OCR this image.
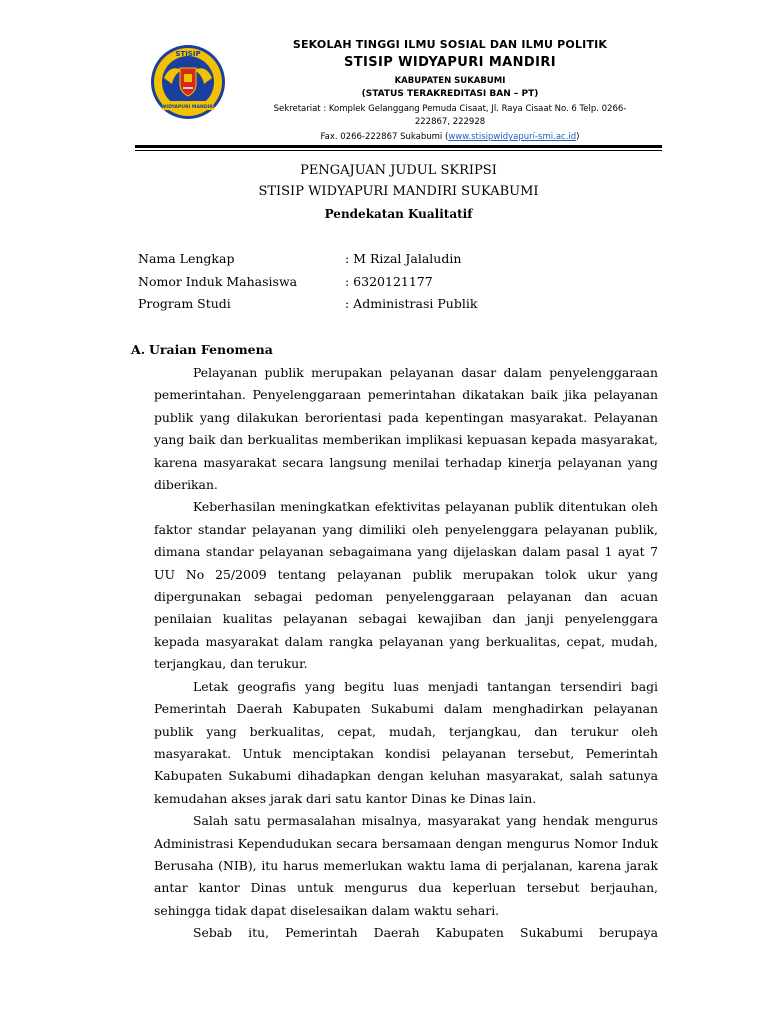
STISIP
WIDYAPURI MANDIRI
SEKOLAH TINGGI ILMU SOSIAL DAN ILMU POLITIK
STISIP WIDYAPURI MANDIRI
KABUPATEN SUKABUMI
(STATUS TERAKREDITASI BAN – PT)
Sekretariat : Komplek Gelanggang Pemuda Cisaat, Jl. Raya Cisaat No. 6 Telp. 0266-
222867, 222928
Fax. 0266-222867 Sukabumi (www.stisipwidyapuri-smi.ac.id)
PENGAJUAN JUDUL SKRIPSI
STISIP WIDYAPURI MANDIRI SUKABUMI
Pendekatan Kualitatif
Nama Lengkap	: M Rizal Jalaludin
Nomor Induk Mahasiswa	: 6320121177
Program Studi	: Administrasi Publik
A. Uraian Fenomena

Pelayanan publik merupakan pelayanan dasar dalam penyelenggaraan pemerintahan. Penyelenggaraan pemerintahan dikatakan baik jika pelayanan publik yang dilakukan berorientasi pada kepentingan masyarakat. Pelayanan yang baik dan berkualitas memberikan implikasi kepuasan kepada masyarakat, karena masyarakat secara langsung menilai terhadap kinerja pelayanan yang diberikan.

Keberhasilan meningkatkan efektivitas pelayanan publik ditentukan oleh faktor standar pelayanan yang dimiliki oleh penyelenggara pelayanan publik, dimana standar pelayanan sebagaimana yang dijelaskan dalam pasal 1 ayat 7 UU No 25/2009 tentang pelayanan publik merupakan tolok ukur yang dipergunakan sebagai pedoman penyelenggaraan pelayanan dan acuan penilaian kualitas pelayanan sebagai kewajiban dan janji penyelenggara kepada masyarakat dalam rangka pelayanan yang berkualitas, cepat, mudah, terjangkau, dan terukur.

Letak geografis yang begitu luas menjadi tantangan tersendiri bagi Pemerintah Daerah Kabupaten Sukabumi dalam menghadirkan pelayanan publik yang berkualitas, cepat, mudah, terjangkau, dan terukur oleh masyarakat. Untuk menciptakan kondisi pelayanan tersebut, Pemerintah Kabupaten Sukabumi dihadapkan dengan keluhan masyarakat, salah satunya kemudahan akses jarak dari satu kantor Dinas ke Dinas lain.

Salah satu permasalahan misalnya, masyarakat yang hendak mengurus Administrasi Kependudukan secara bersamaan dengan mengurus Nomor Induk Berusaha (NIB), itu harus memerlukan waktu lama di perjalanan, karena jarak antar kantor Dinas untuk mengurus dua keperluan tersebut berjauhan, sehingga tidak dapat diselesaikan dalam waktu sehari.

Sebab itu, Pemerintah Daerah Kabupaten Sukabumi berupaya
